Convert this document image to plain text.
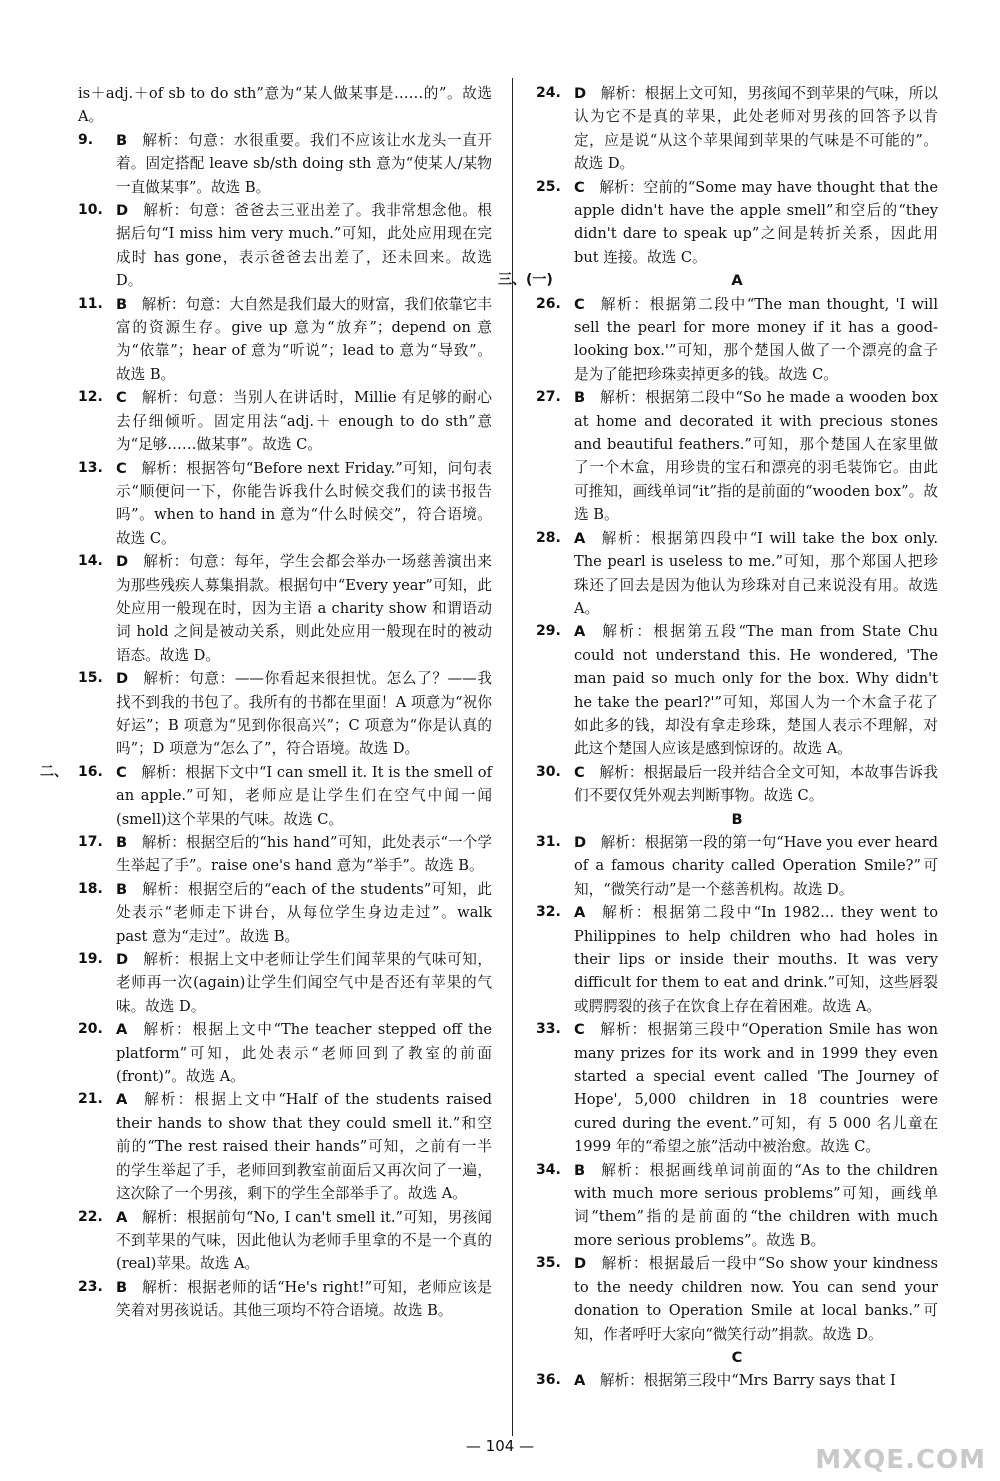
is＋adj.＋of sb to do sth”意为“某人做某事是……的”。故选 A。
9.	B  解析：句意：水很重要。我们不应该让水龙头一直开着。固定搭配 leave sb/sth doing sth 意为“使某人/某物一直做某事”。故选 B。
10. D  解析：句意：爸爸去三亚出差了。我非常想念他。根据后句“I miss him very much.”可知，此处应用现在完成时 has gone，表示爸爸去出差了，还未回来。故选 D。
11. B  解析：句意：大自然是我们最大的财富，我们依靠它丰富的资源生存。give up 意为“放弃”；depend on 意为“依靠”；hear of 意为“听说”；lead to 意为“导致”。故选 B。
12. C  解析：句意：当别人在讲话时，Millie 有足够的耐心去仔细倾听。固定用法“adj.＋ enough to do sth”意为“足够……做某事”。故选 C。
13. C  解析：根据答句“Before next Friday.”可知，问句表示“顺便问一下，你能告诉我什么时候交我们的读书报告吗”。when to hand in 意为“什么时候交”，符合语境。故选 C。
14. D  解析：句意：每年，学生会都会举办一场慈善演出来为那些残疾人募集捐款。根据句中“Every year”可知，此处应用一般现在时，因为主语 a charity show 和谓语动词 hold 之间是被动关系，则此处应用一般现在时的被动语态。故选 D。
15. D  解析：句意：——你看起来很担忧。怎么了？——我找不到我的书包了。我所有的书都在里面！A 项意为“祝你好运”；B 项意为“见到你很高兴”；C 项意为“你是认真的吗”；D 项意为“怎么了”，符合语境。故选 D。
二、 16. C  解析：根据下文中“I can smell it. It is the smell of an apple.”可知，老师应是让学生们在空气中闻一闻(smell)这个苹果的气味。故选 C。
17. B  解析：根据空后的“his hand”可知，此处表示“一个学生举起了手”。raise one's hand 意为“举手”。故选 B。
18. B  解析：根据空后的“each of the students”可知，此处表示“老师走下讲台，从每位学生身边走过”。walk past 意为“走过”。故选 B。
19. D  解析：根据上文中老师让学生们闻苹果的气味可知，老师再一次(again)让学生们闻空气中是否还有苹果的气味。故选 D。
20. A  解析：根据上文中“The teacher stepped off the platform”可知，此处表示“老师回到了教室的前面(front)”。故选 A。
21. A  解析：根据上文中“Half of the students raised their hands to show that they could smell it.”和空前的“The rest raised their hands”可知，之前有一半的学生举起了手，老师回到教室前面后又再次问了一遍，这次除了一个男孩，剩下的学生全部举手了。故选 A。
22. A  解析：根据前句“No, I can't smell it.”可知，男孩闻不到苹果的气味，因此他认为老师手里拿的不是一个真的(real)苹果。故选 A。
23. B  解析：根据老师的话“He's right!”可知，老师应该是笑着对男孩说话。其他三项均不符合语境。故选 B。
24. D  解析：根据上文可知，男孩闻不到苹果的气味，所以认为它不是真的苹果，此处老师对男孩的回答予以肯定，应是说“从这个苹果闻到苹果的气味是不可能的”。故选 D。
25. C  解析：空前的“Some may have thought that the apple didn't have the apple smell”和空后的“they didn't dare to speak up”之间是转折关系，因此用 but 连接。故选 C。
三、(一)	A
26. C  解析：根据第二段中“The man thought, 'I will sell the pearl for more money if it has a good-looking box.'”可知，那个楚国人做了一个漂亮的盒子是为了能把珍珠卖掉更多的钱。故选 C。
27. B  解析：根据第二段中“So he made a wooden box at home and decorated it with precious stones and beautiful feathers.”可知，那个楚国人在家里做了一个木盒，用珍贵的宝石和漂亮的羽毛装饰它。由此可推知，画线单词“it”指的是前面的“wooden box”。故选 B。
28. A  解析：根据第四段中“I will take the box only. The pearl is useless to me.”可知，那个郑国人把珍珠还了回去是因为他认为珍珠对自己来说没有用。故选 A。
29. A  解析：根据第五段“The man from State Chu could not understand this. He wondered, 'The man paid so much only for the box. Why didn't he take the pearl?'”可知，郑国人为一个木盒子花了如此多的钱，却没有拿走珍珠，楚国人表示不理解，对此这个楚国人应该是感到惊讶的。故选 A。
30. C  解析：根据最后一段并结合全文可知，本故事告诉我们不要仅凭外观去判断事物。故选 C。
B
31. D  解析：根据第一段的第一句“Have you ever heard of a famous charity called Operation Smile?”可知，“微笑行动”是一个慈善机构。故选 D。
32. A  解析：根据第二段中“In 1982... they went to Philippines to help children who had holes in their lips or inside their mouths. It was very difficult for them to eat and drink.”可知，这些唇裂或腭腭裂的孩子在饮食上存在着困难。故选 A。
33. C  解析：根据第三段中“Operation Smile has won many prizes for its work and in 1999 they even started a special event called 'The Journey of Hope', 5,000 children in 18 countries were cured during the event.”可知，有 5 000 名儿童在 1999 年的“希望之旅”活动中被治愈。故选 C。
34. B  解析：根据画线单词前面的“As to the children with much more serious problems”可知，画线单词“them”指的是前面的“the children with much more serious problems”。故选 B。
35. D  解析：根据最后一段中“So show your kindness to the needy children now. You can send your donation to Operation Smile at local banks.”可知，作者呼吁大家向“微笑行动”捐款。故选 D。
C
36. A  解析：根据第三段中“Mrs Barry says that I
— 104 —	MXQE.COM
